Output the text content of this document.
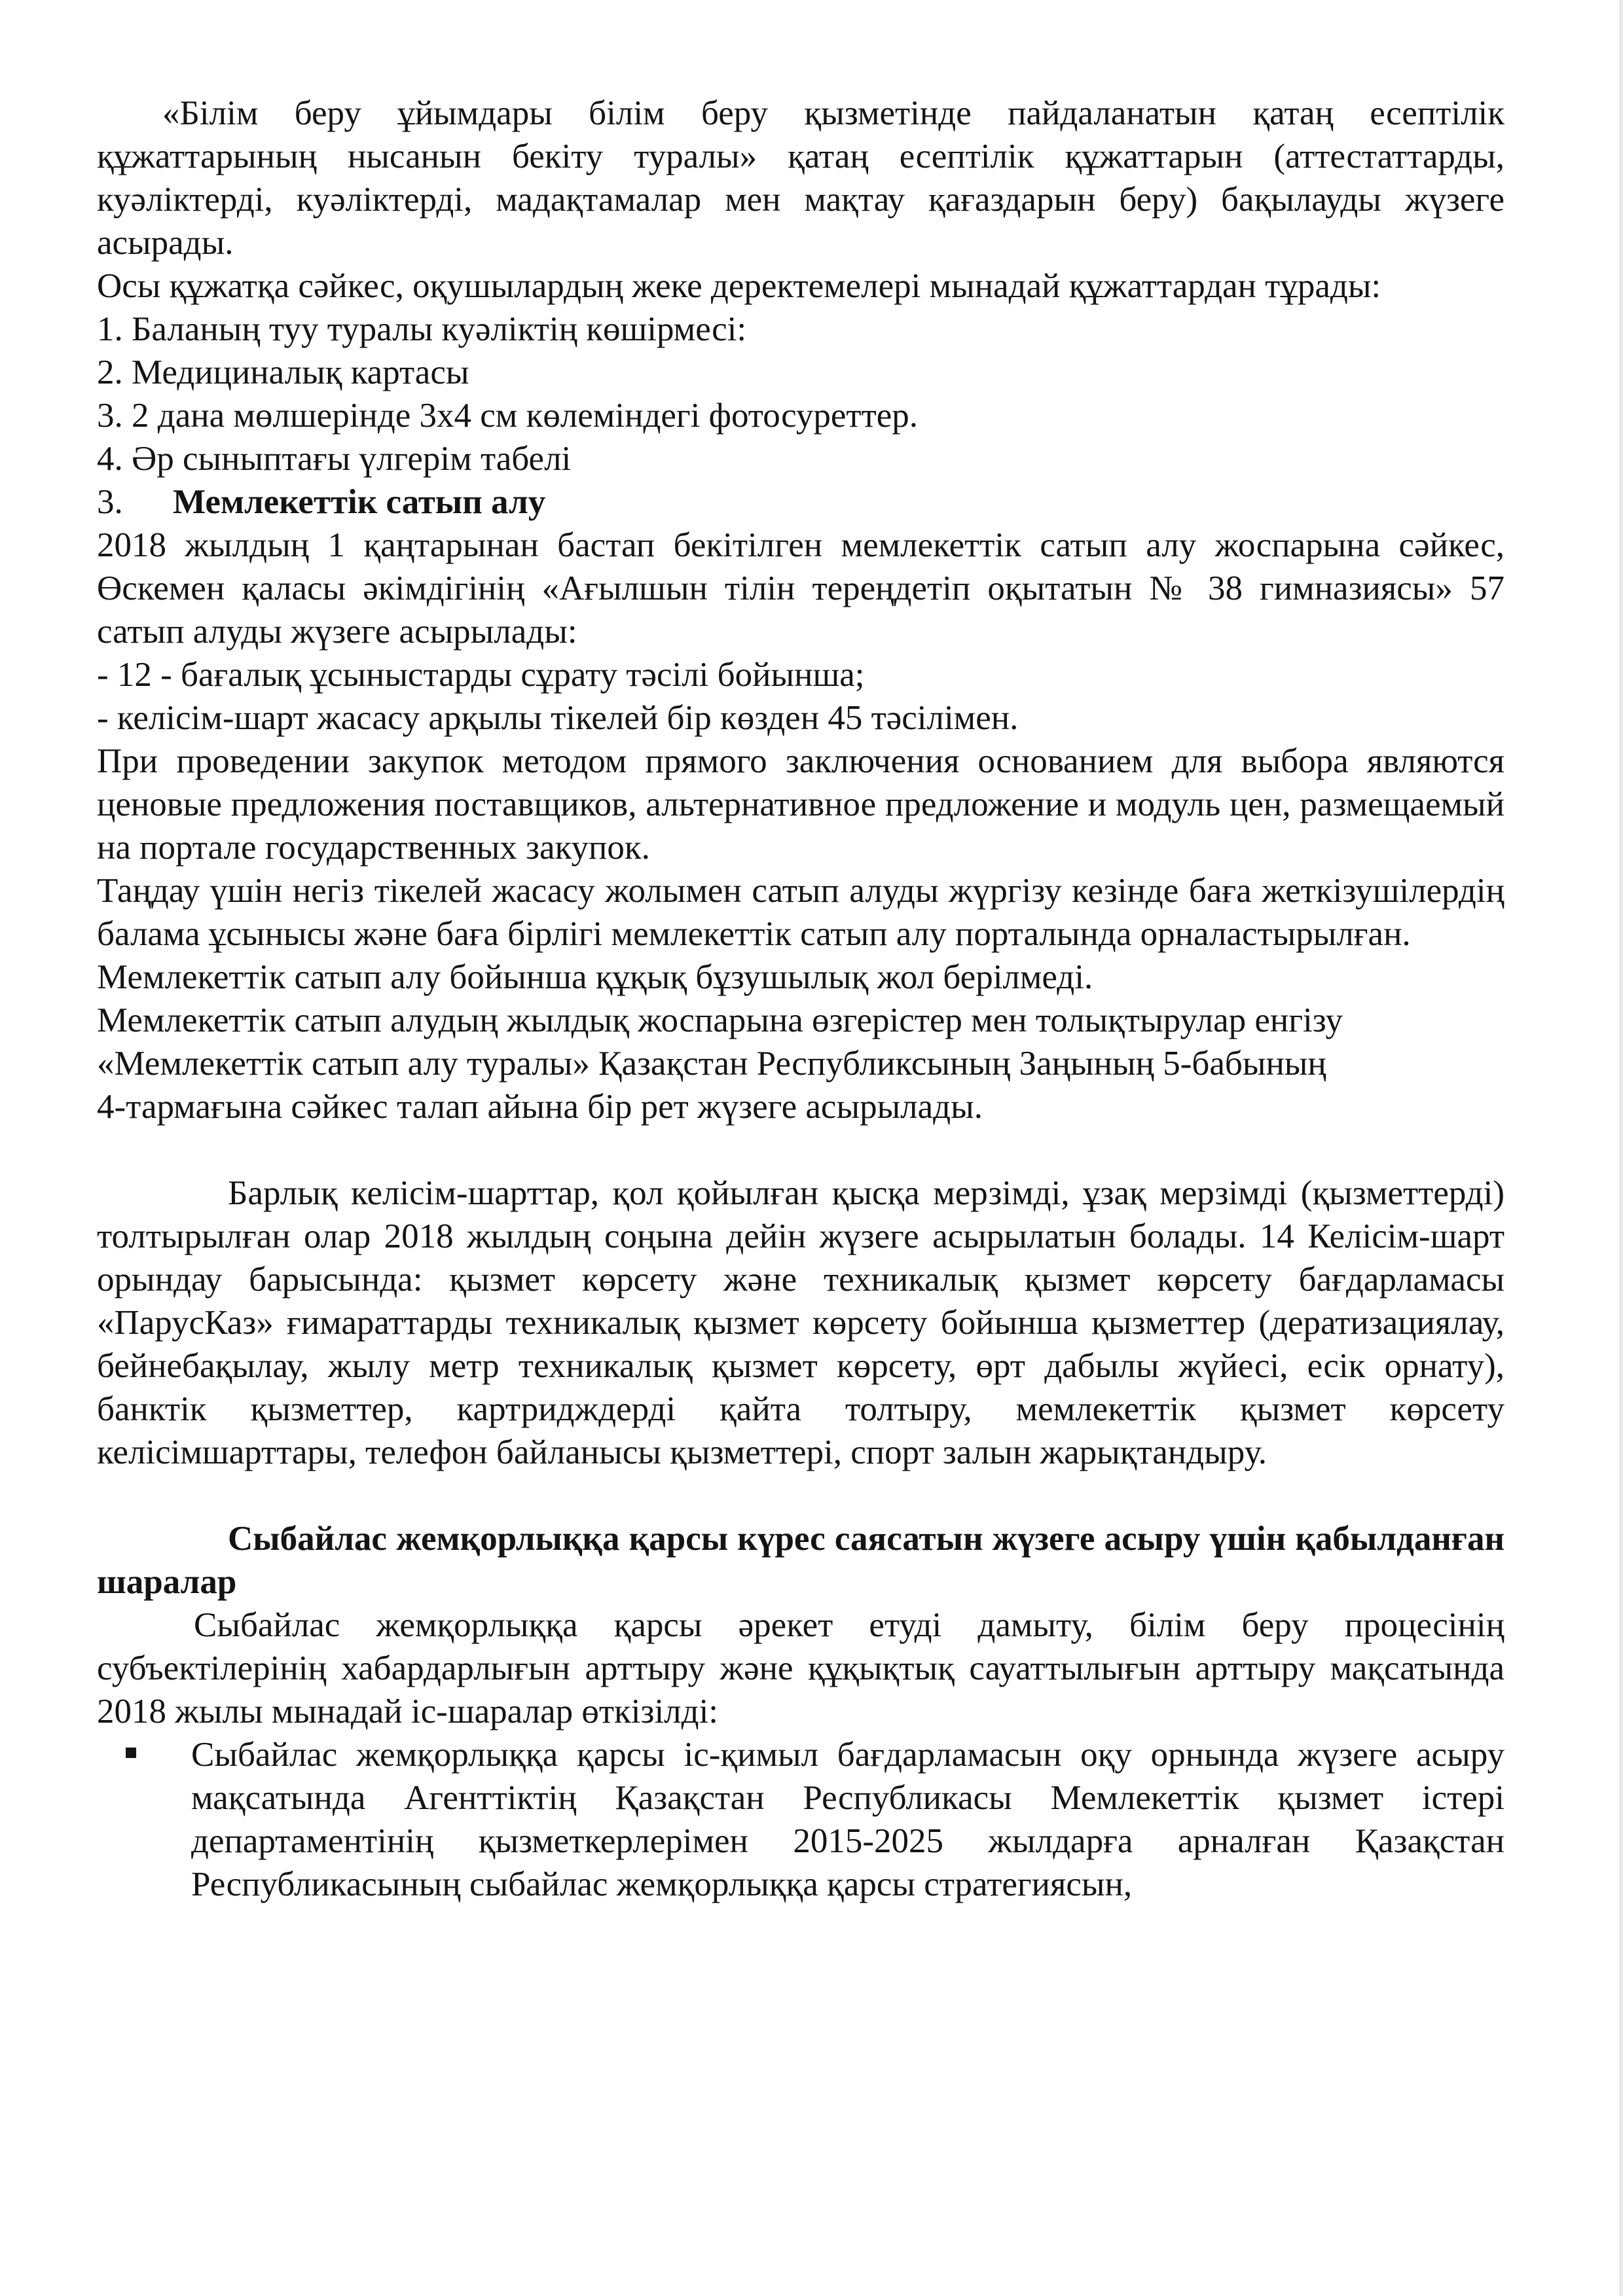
«Білім беру ұйымдары білім беру қызметінде пайдаланатын қатаң есептілік құжаттарының нысанын бекіту туралы» қатаң есептілік құжаттарын (аттестаттарды, куәліктерді, куәліктерді, мадақтамалар мен мақтау қағаздарын беру) бақылауды жүзеге асырады.

Осы құжатқа сәйкес, оқушылардың жеке деректемелері мынадай құжаттардан тұрады:

1. Баланың туу туралы куәліктің көшірмесі:

2. Медициналық картасы

3. 2 дана мөлшерінде 3х4 см көлеміндегі фотосуреттер.

4. Әр сыныптағы үлгерім табелі

3. Мемлекеттік сатып алу

2018 жылдың 1 қаңтарынан бастап бекітілген мемлекеттік сатып алу жоспарына сәйкес, Өскемен қаласы әкімдігінің «Ағылшын тілін тереңдетіп оқытатын № 38 гимназиясы» 57 сатып алуды жүзеге асырылады:

- 12 - бағалық ұсыныстарды сұрату тәсілі бойынша;

- келісім-шарт жасасу арқылы тікелей бір көзден 45 тәсілімен.

При проведении закупок методом прямого заключения основанием для выбора являются ценовые предложения поставщиков, альтернативное предложение и модуль цен, размещаемый на портале государственных закупок.

Таңдау үшін негіз тікелей жасасу жолымен сатып алуды жүргізу кезінде баға жеткізушілердің балама ұсынысы және баға бірлігі мемлекеттік сатып алу порталында орналастырылған.

Мемлекеттік сатып алу бойынша құқық бұзушылық жол берілмеді.

Мемлекеттік сатып алудың жылдық жоспарына өзгерістер мен толықтырулар енгізу

«Мемлекеттік сатып алу туралы» Қазақстан Республиксының Заңының 5-бабының

4-тармағына сәйкес талап айына бір рет жүзеге асырылады.

Барлық келісім-шарттар, қол қойылған қысқа мерзімді, ұзақ мерзімді (қызметтерді) толтырылған олар 2018 жылдың соңына дейін жүзеге асырылатын болады. 14 Келісім-шарт орындау барысында: қызмет көрсету және техникалық қызмет көрсету бағдарламасы «ПарусКаз» ғимараттарды техникалық қызмет көрсету бойынша қызметтер (дератизациялау, бейнебақылау, жылу метр техникалық қызмет көрсету, өрт дабылы жүйесі, есік орнату), банктік қызметтер, картридждерді қайта толтыру, мемлекеттік қызмет көрсету келісімшарттары, телефон байланысы қызметтері, спорт залын жарықтандыру.

Сыбайлас жемқорлыққа қарсы күрес саясатын жүзеге асыру үшін қабылданған шаралар

Сыбайлас жемқорлыққа қарсы әрекет етуді дамыту, білім беру процесінің субъектілерінің хабардарлығын арттыру және құқықтық сауаттылығын арттыру мақсатында 2018 жылы мынадай іс-шаралар өткізілді:

Сыбайлас жемқорлыққа қарсы іс-қимыл бағдарламасын оқу орнында жүзеге асыру мақсатында Агенттіктің Қазақстан Республикасы Мемлекеттік қызмет істері департаментінің қызметкерлерімен 2015-2025 жылдарға арналған Қазақстан Республикасының сыбайлас жемқорлыққа қарсы стратегиясын,
